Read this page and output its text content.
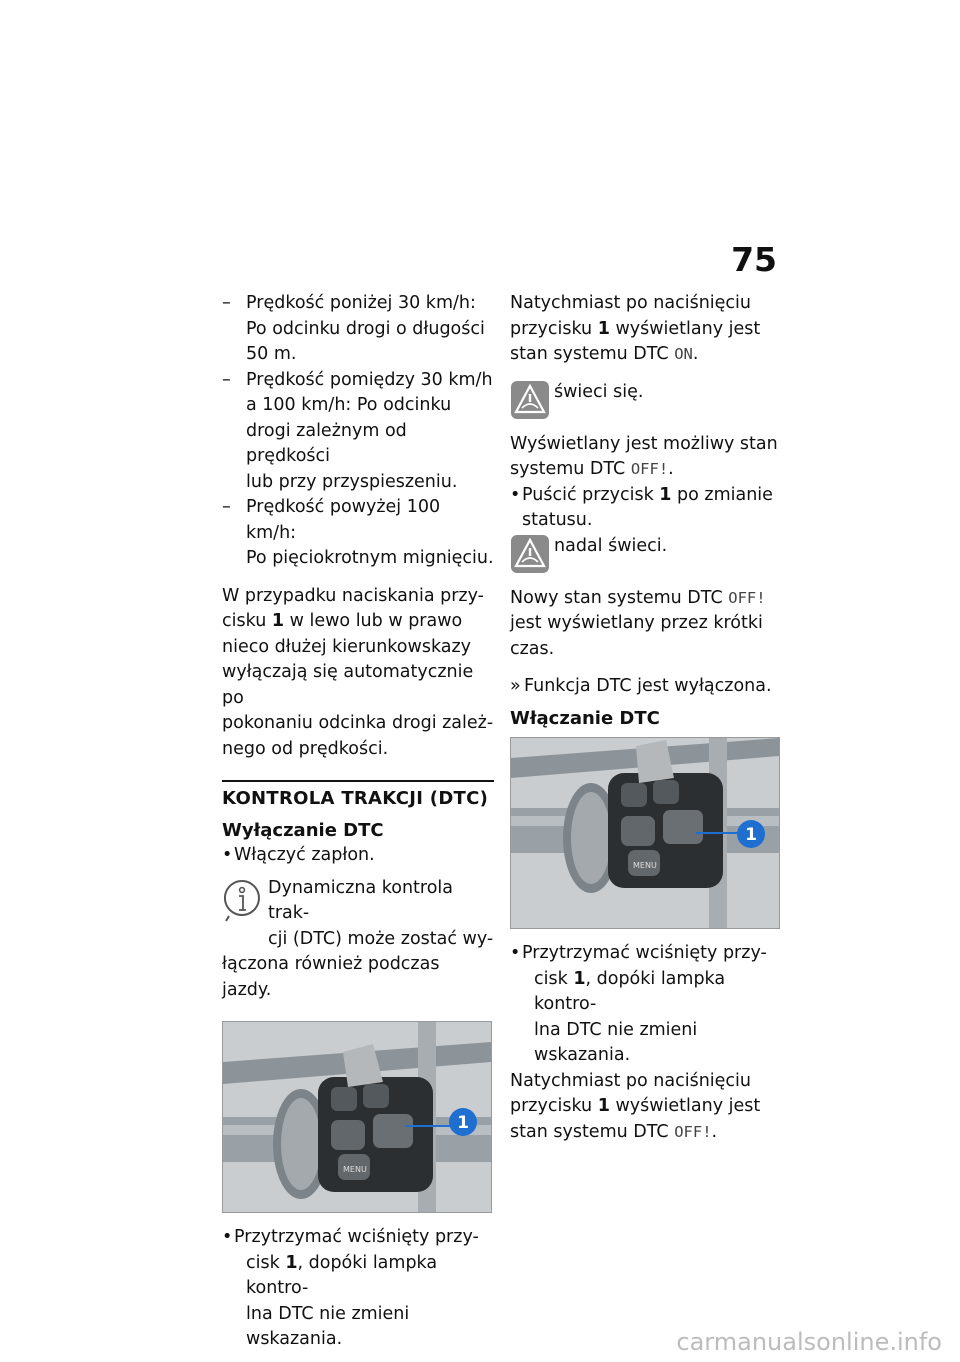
75
– Prędkość poniżej 30 km/h:
Po odcinku drogi o długości
50 m.
– Prędkość pomiędzy 30 km/h
a 100 km/h: Po odcinku
drogi zależnym od prędkości
lub przy przyspieszeniu.
– Prędkość powyżej 100 km/h:
Po pięciokrotnym mignięciu.
W przypadku naciskania przy-
cisku 1 w lewo lub w prawo
nieco dłużej kierunkowskazy
wyłączają się automatycznie po
pokonaniu odcinka drogi zależ-
nego od prędkości.
KONTROLA TRAKCJI (DTC)
Wyłączanie DTC
• Włączyć zapłon.
Dynamiczna kontrola trak-
cji (DTC) może zostać wy-
łączona również podczas jazdy.
MENU
1
• Przytrzymać wciśnięty przy-
cisk 1, dopóki lampka kontro-
lna DTC nie zmieni wskazania.
Natychmiast po naciśnięciu
przycisku 1 wyświetlany jest
stan systemu DTC ON.
świeci się.
Wyświetlany jest możliwy stan
systemu DTC OFF!.
• Puścić przycisk 1 po zmianie
statusu.
nadal świeci.
Nowy stan systemu DTC OFF!
jest wyświetlany przez krótki
czas.
» Funkcja DTC jest wyłączona.
Włączanie DTC
MENU
1
• Przytrzymać wciśnięty przy-
cisk 1, dopóki lampka kontro-
lna DTC nie zmieni wskazania.
Natychmiast po naciśnięciu
przycisku 1 wyświetlany jest
stan systemu DTC OFF!.
carmanualsonline.info
